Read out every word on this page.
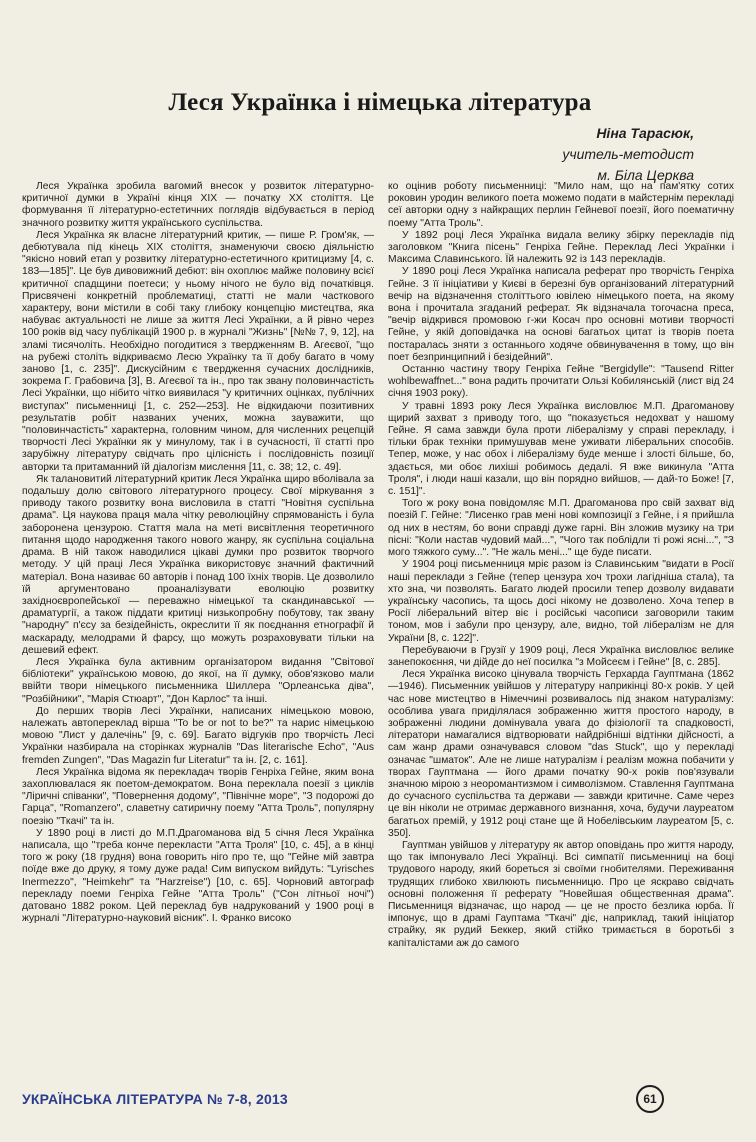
Леся Українка і німецька література
Ніна Тарасюк,
учитель-методист
м. Біла Церква

Леся Українка зробила вагомий внесок у розвиток літературно-критичної думки в Україні кінця XIX — початку XX століття. Це формування її літературно-естетичних поглядів відбувається в період значного розвитку життя українського суспільства.

Леся Українка як власне літературний критик, — пише Р. Гром'як, — дебютувала під кінець XIX століття, знаменуючи своєю діяльністю "якісно новий етап у розвитку літературно-естетичного критицизму [4, с. 183—185]". Це був дивовижний дебют: він охоплює майже половину всієї критичної спадщини поетеси; у ньому нічого не було від початківця. Присвячені конкретній проблематиці, статті не мали часткового характеру, вони містили в собі таку глибоку концепцію мистецтва, яка набуває актуальності не лише за життя Лесі Українки, а й рівно через 100 років від часу публікацій 1900 р. в журналі "Жизнь" [№№ 7, 9, 12], на зламі тисячоліть. Необхідно погодитися з твердженням В. Агеєвої, "що на рубежі століть відкриваємо Лесю Українку та її добу багато в чому заново [1, с. 235]". Дискусійним є твердження сучасних дослідників, зокрема Г. Грабовича [3], В. Агеєвої та ін., про так звану половинчастість Лесі Українки, що нібито чітко виявилася "у критичних оцінках, публічних виступах" письменниці [1, с. 252—253]. Не відкидаючи позитивних результатів робіт названих учених, можна зауважити, що "половинчастість" характерна, головним чином, для численних рецепцій творчості Лесі Українки як у минулому, так і в сучасності, її статті про зарубіжну літературу свідчать про цілісність і послідовність позиції авторки та притаманний їй діалогізм мислення [11, с. 38; 12, с. 49].

Як талановитий літературний критик Леся Українка щиро вболівала за подальшу долю світового літературного процесу. Свої міркування з приводу такого розвитку вона висловила в статті "Новітня суспільна драма". Ця наукова праця мала чітку революційну спрямованість і була заборонена цензурою. Стаття мала на меті висвітлення теоретичного питання щодо народження такого нового жанру, як суспільна соціальна драма. В ній також наводилися цікаві думки про розвиток творчого методу. У цій праці Леся Українка використовує значний фактичний матеріал. Вона називає 60 авторів і понад 100 їхніх творів. Це дозволило їй аргументовано проаналізувати еволюцію розвитку західноєвропейської — переважно німецької та скандинавської — драматургії, а також піддати критиці низькопробну побутову, так звану "народну" п'єсу за безідейність, окреслити її як поєднання етнографії й маскараду, мелодрами й фарсу, що можуть розраховувати тільки на дешевий ефект.

Леся Українка була активним організатором видання "Світової бібліотеки" українською мовою, до якої, на її думку, обов'язково мали ввійти твори німецького письменника Шиллера "Орлеанська діва", "Розбійники", "Марія Стюарт", "Дон Карлос" та інші.

До перших творів Лесі Українки, написаних німецькою мовою, належать автопереклад вірша "To be or not to be?" та нарис німецькою мовою "Лист у далечінь" [9, с. 69]. Багато відгуків про творчість Лесі Українки назбирала на сторінках журналів "Das literarische Echo", "Aus fremden Zungen", "Das Magazin fur Literatur" та ін. [2, с. 161].

Леся Українка відома як перекладач творів Генріха Гейне, яким вона захоплювалася як поетом-демократом. Вона переклала поезії з циклів "Ліричні співанки", "Повернення додому", "Північне море", "З подорожі до Гарца", "Romanzero", славетну сатиричну поему "Атта Троль", популярну поезію "Ткачі" та ін.

У 1890 році в листі до М.П.Драгоманова від 5 січня Леся Українка написала, що "треба конче перекласти "Атта Троля" [10, с. 45], а в кінці того ж року (18 грудня) вона говорить ніго про те, що "Гейне мій завтра поїде вже до друку, я тому дуже рада! Сим випуском вийдуть: "Lyrisches Inermezzo", "Heimkehr" та "Harzreise") [10, с. 65]. Чорновий автограф перекладу поеми Генріха Гейне "Атта Троль" ("Сон літньої ночі") датовано 1882 роком. Цей переклад був надрукований у 1900 році в журналі "Літературно-науковий вісник". І. Франко високо

ко оцінив роботу письменниці: "Мило нам, що на пам'ятку сотих роковин уродин великого поета можемо подати в майстернім перекладі сеї авторки одну з найкращих перлин Гейневої поезії, його поематичну поему "Атта Троль".

У 1892 році Леся Українка видала велику збірку перекладів під заголовком "Книга пісень" Генріха Гейне. Переклад Лесі Українки і Максима Славинського. Їй належить 92 із 143 перекладів.

У 1890 році Леся Українка написала реферат про творчість Генріха Гейне. З її ініціативи у Києві в березні був організований літературний вечір на відзначення століттього ювілею німецького поета, на якому вона і прочитала згаданий реферат. Як відзначала тогочасна преса, "вечір відкрився промовою г-жи Косач про основні мотиви творчості Гейне, у якій доповідачка на основі багатьох цитат із творів поета постаралась зняти з останнього ходяче обвинувачення в тому, що він поет безпринципний і безідейний".

Останню частину твору Генріха Гейне "Bergidylle": "Tausend Ritter wohlbewaffnet..." вона радить прочитати Ользі Кобилянській (лист від 24 січня 1903 року).

У травні 1893 року Леся Українка висловлює М.П. Драгоманову щирий захват з приводу того, що "показується недохват у нашому Гейне. Я сама завжди була проти лібералізму у справі перекладу, і тільки брак техніки примушував мене уживати ліберальних способів. Тепер, може, у нас обох і лібералізму буде менше і злості більше, бо, здається, ми обоє лихіші робимось дедалі. Я вже викинула "Атта Троля", і люди наші казали, що він порядно вийшов, — дай-то Боже! [7, с. 151]".

Того ж року вона повідомляє М.П. Драгоманова про свій захват від поезій Г. Гейне: "Лисенко грав мені нові композиції з Гейне, і я прийшла од них в нестям, бо вони справді дуже гарні. Він зложив музику на три пісні: "Коли настав чудовий май...", "Чого так поблідли ті рожі ясні...", "З мого тяжкого суму...". "Не жаль мені..." ще буде писати.

У 1904 році письменниця мріє разом із Славинським "видати в Росії наші переклади з Гейне (тепер цензура хоч трохи лагідніша стала), та хто зна, чи позволять. Багато людей просили тепер дозволу видавати українську часопись, та щось досі нікому не дозволено. Хоча тепер в Росії ліберальний вітер віє і російські часописи заговорили таким тоном, мов і забули про цензуру, але, видно, той лібералізм не для України [8, с. 122]".

Перебуваючи в Грузії у 1909 році, Леся Українка висловлює велике занепокоєння, чи дійде до неї посилка "з Мойсеєм і Гейне" [8, с. 285].

Леся Українка високо цінувала творчість Герхарда Гауптмана (1862—1946). Письменник увійшов у літературу наприкінці 80-х років. У цей час нове мистецтво в Німеччині розвивалось під знаком натуралізму: особлива увага приділялася зображенню життя простого народу, в зображенні людини домінувала увага до фізіології та спадковості, літератори намагалися відтворювати найдрібніші відтінки дійсності, а сам жанр драми означувався словом "das Stuck", що у перекладі означає "шматок". Але не лише натуралізм і реалізм можна побачити у творах Гауптмана — його драми початку 90-х років пов'язували значною мірою з неоромантизмом і символізмом. Ставлення Гауптмана до сучасного суспільства та держави — завжди критичне. Саме через це він ніколи не отримає державного визнання, хоча, будучи лауреатом багатьох премій, у 1912 році стане ще й Нобелівським лауреатом [5, с. 350].

Гауптман увійшов у літературу як автор оповідань про життя народу, що так імпонувало Лесі Українці. Всі симпатії письменниці на боці трудового народу, який бореться зі своїми гнобителями. Переживання трудящих глибоко хвилюють письменницю. Про це яскраво свідчать основні положення її реферату "Новейшая общественная драма". Письменниця відзначає, що народ — це не просто безлика юрба. Її імпонує, що в драмі Гауптама "Ткачі" діє, наприклад, такий ініціатор страйку, як рудий Беккер, який стійко тримається в боротьбі з капіталістами аж до самого

УКРАЇНСЬКА ЛІТЕРАТУРА № 7-8, 2013	61
